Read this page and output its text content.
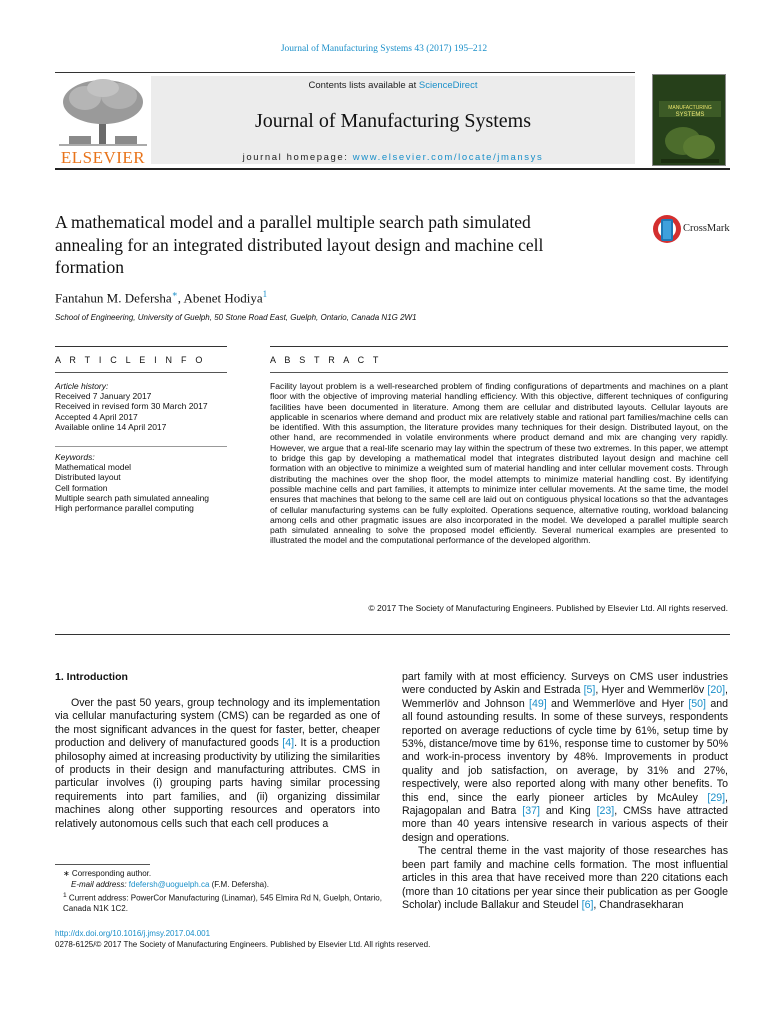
Journal of Manufacturing Systems 43 (2017) 195–212
ELSEVIER
Contents lists available at ScienceDirect
Journal of Manufacturing Systems
journal homepage: www.elsevier.com/locate/jmansys
MANUFACTURING
SYSTEMS
A mathematical model and a parallel multiple search path simulated
annealing for an integrated distributed layout design and machine cell
formation
CrossMark
Fantahun M. Defersha∗, Abenet Hodiya$^1$
School of Engineering, University of Guelph, 50 Stone Road East, Guelph, Ontario, Canada N1G 2W1
A R T I C L E I N F O	A B S T R A C T
Article history:
Received 7 January 2017
Received in revised form 30 March 2017
Accepted 4 April 2017
Available online 14 April 2017
Keywords:
Mathematical model
Distributed layout
Cell formation
Multiple search path simulated annealing
High performance parallel computing
Facility layout problem is a well-researched problem of finding configurations of departments and machines on a plant floor with the objective of improving material handling efficiency. With this objective, different techniques of configuring facilities have been documented in literature. Among them are cellular and distributed layouts. Cellular layouts are applicable in scenarios where demand and product mix are relatively stable and rational part families/machine cells can be identified. With this assumption, the literature provides many techniques for their design. Distributed layout, on the other hand, are recommended in volatile environments where product demand and mix are changing very rapidly. However, we argue that a real-life scenario may lay within the spectrum of these two extremes. In this paper, we attempt to bridge this gap by developing a mathematical model that integrates distributed layout design and machine cell formation with an objective to minimize a weighted sum of material handling and inter cellular movement costs. Through distributing the machines over the shop floor, the model attempts to minimize material handling cost. By identifying possible machine cells and part families, it attempts to minimize inter cellular movements. At the same time, the model ensures that machines that belong to the same cell are laid out on contiguous physical locations so that the advantages of cellular manufacturing systems can be fully exploited. Operations sequence, alternative routing, workload balancing among cells and other pragmatic issues are also incorporated in the model. We developed a parallel multiple search path simulated annealing to solve the proposed model efficiently. Several numerical examples are presented to illustrated the model and the computational performance of the developed algorithm.
© 2017 The Society of Manufacturing Engineers. Published by Elsevier Ltd. All rights reserved.
1. Introduction

Over the past 50 years, group technology and its implementation via cellular manufacturing system (CMS) can be regarded as one of the most significant advances in the quest for faster, better, cheaper production and delivery of manufactured goods [4]. It is a production philosophy aimed at increasing productivity by utilizing the similarities of products in their design and manufacturing attributes. CMS in particular involves (i) grouping parts having similar processing requirements into part families, and (ii) organizing dissimilar machines along other supporting resources and operators into relatively autonomous cells such that each cell produces a

part family with at most efficiency. Surveys on CMS user industries were conducted by Askin and Estrada [5], Hyer and Wemmerlöv [20], Wemmerlöv and Johnson [49] and Wemmerlöve and Hyer [50] and all found astounding results. In some of these surveys, respondents reported on average reductions of cycle time by 61%, setup time by 53%, distance/move time by 61%, response time to customer by 50% and work-in-process inventory by 48%. Improvements in product quality and job satisfaction, on average, by 31% and 27%, respectively, were also reported along with many other benefits. To this end, since the early pioneer articles by McAuley [29], Rajagopalan and Batra [37] and King [23], CMSs have attracted more than 40 years intensive research in various aspects of their design and operations.

The central theme in the vast majority of those researches has been part family and machine cells formation. The most influential articles in this area that have received more than 220 citations each (more than 10 citations per year since their publication as per Google Scholar) include Ballakur and Steudel [6], Chandrasekharan

∗ Corresponding author.
E-mail address: fdefersh@uoguelph.ca (F.M. Defersha).
$^1$ Current address: PowerCor Manufacturing (Linamar), 545 Elmira Rd N, Guelph, Ontario, Canada N1K 1C2.
http://dx.doi.org/10.1016/j.jmsy.2017.04.001
0278-6125/© 2017 The Society of Manufacturing Engineers. Published by Elsevier Ltd. All rights reserved.
